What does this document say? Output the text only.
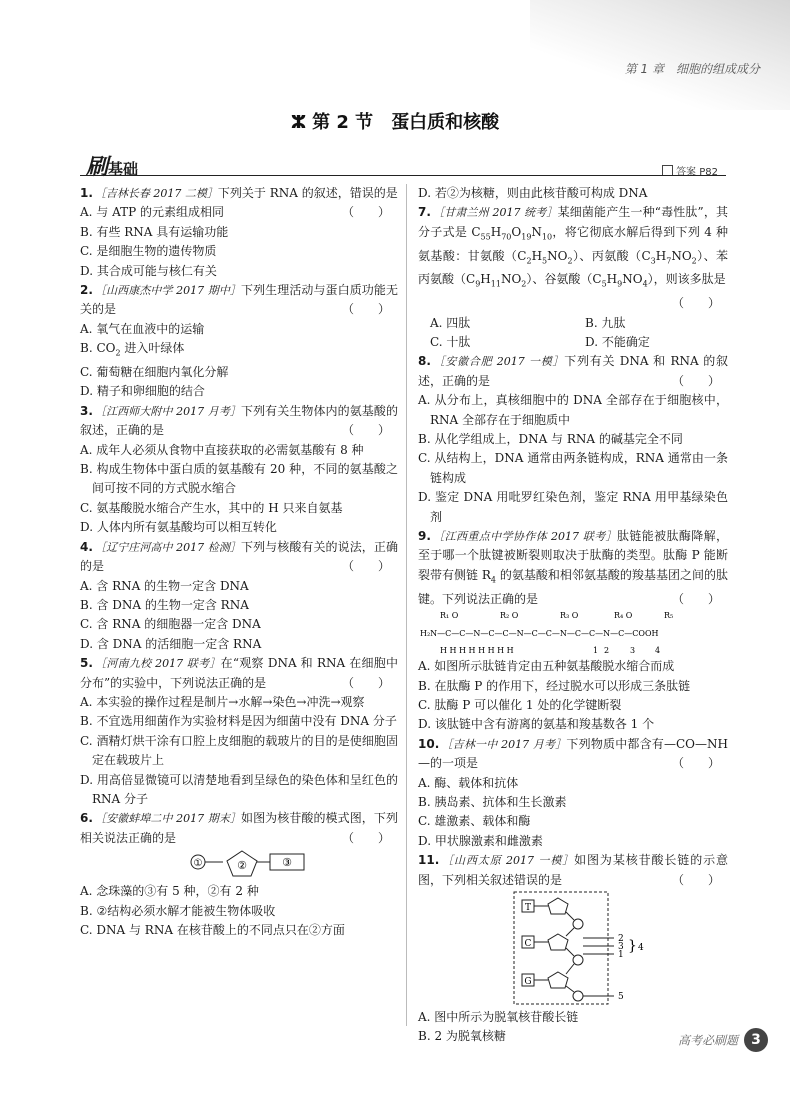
第 1 章　细胞的组成成分
ⵣ 第 2 节 蛋白质和核酸
刷基础	答案 P82
1. ［吉林长春 2017 二模］下列关于 RNA 的叙述，错误的是
（　　）
A. 与 ATP 的元素组成相同
B. 有些 RNA 具有运输功能
C. 是细胞生物的遗传物质
D. 其合成可能与核仁有关
2. ［山西康杰中学 2017 期中］下列生理活动与蛋白质功能无关的是	（　　）
A. 氧气在血液中的运输
B. $CO_2$ 进入叶绿体
C. 葡萄糖在细胞内氧化分解
D. 精子和卵细胞的结合
3. ［江西师大附中 2017 月考］下列有关生物体内的氨基酸的叙述，正确的是	（　　）
A. 成年人必须从食物中直接获取的必需氨基酸有 8 种
B. 构成生物体中蛋白质的氨基酸有 20 种，不同的氨基酸之间可按不同的方式脱水缩合
C. 氨基酸脱水缩合产生水，其中的 H 只来自氨基
D. 人体内所有氨基酸均可以相互转化
4. ［辽宁庄河高中 2017 检测］下列与核酸有关的说法，正确的是	（　　）
A. 含 RNA 的生物一定含 DNA
B. 含 DNA 的生物一定含 RNA
C. 含 RNA 的细胞器一定含 DNA
D. 含 DNA 的活细胞一定含 RNA
5. ［河南九校 2017 联考］在“观察 DNA 和 RNA 在细胞中分布”的实验中，下列说法正确的是	（　　）
A. 本实验的操作过程是制片→水解→染色→冲洗→观察
B. 不宜选用细菌作为实验材料是因为细菌中没有 DNA 分子
C. 酒精灯烘干涂有口腔上皮细胞的载玻片的目的是使细胞固定在载玻片上
D. 用高倍显微镜可以清楚地看到呈绿色的染色体和呈红色的 RNA 分子
6. ［安徽蚌埠二中 2017 期末］如图为核苷酸的模式图，下列相关说法正确的是	（　　）
①	②	③
A. 念珠藻的③有 5 种，②有 2 种
B. ②结构必须水解才能被生物体吸收
C. DNA 与 RNA 在核苷酸上的不同点只在②方面
D. 若②为核糖，则由此核苷酸可构成 DNA
7. ［甘肃兰州 2017 统考］某细菌能产生一种“毒性肽”，其分子式是 $C_{55}H_{70}O_{19}N_{10}$，将它彻底水解后得到下列 4 种氨基酸：甘氨酸$(C_2H_5NO_2)$、丙氨酸$(C_3H_7NO_2)$、苯丙氨酸$(C_9H_{11}NO_2)$、谷氨酸$(C_5H_9NO_4)$，则该多肽是
（　　）
A. 四肽	B. 九肽
C. 十肽	D. 不能确定
8. ［安徽合肥 2017 一模］下列有关 DNA 和 RNA 的叙述，正确的是	（　　）
A. 从分布上，真核细胞中的 DNA 全部存在于细胞核中，RNA 全部存在于细胞质中
B. 从化学组成上，DNA 与 RNA 的碱基完全不同
C. 从结构上，DNA 通常由两条链构成，RNA 通常由一条链构成
D. 鉴定 DNA 用吡罗红染色剂，鉴定 RNA 用甲基绿染色剂
9. ［江西重点中学协作体 2017 联考］肽链能被肽酶降解，至于哪一个肽键被断裂则取决于肽酶的类型。肽酶 P 能断裂带有侧链 $R_4$ 的氨基酸和相邻氨基酸的羧基基团之间的肽键。下列说法正确的是	（　　）
H₂N—C—C—N—C—C—N—C—C—N—C—C—N—C—COOH
R₁ O	R₂ O	R₃ O	R₄ O	R₅
H H H H H H H H	1 2	3 4
A. 如图所示肽链肯定由五种氨基酸脱水缩合而成
B. 在肽酶 P 的作用下，经过脱水可以形成三条肽链
C. 肽酶 P 可以催化 1 处的化学键断裂
D. 该肽链中含有游离的氨基和羧基数各 1 个
10. ［吉林一中 2017 月考］下列物质中都含有—CO—NH—的一项是	（　　）
A. 酶、载体和抗体
B. 胰岛素、抗体和生长激素
C. 雄激素、载体和酶
D. 甲状腺激素和雌激素
11. ［山西太原 2017 一模］如图为某核苷酸长链的示意图，下列相关叙述错误的是	（　　）
T
C
G
2
3
1
} 4
5
A. 图中所示为脱氧核苷酸长链
B. 2 为脱氧核糖	高考必刷题 3
